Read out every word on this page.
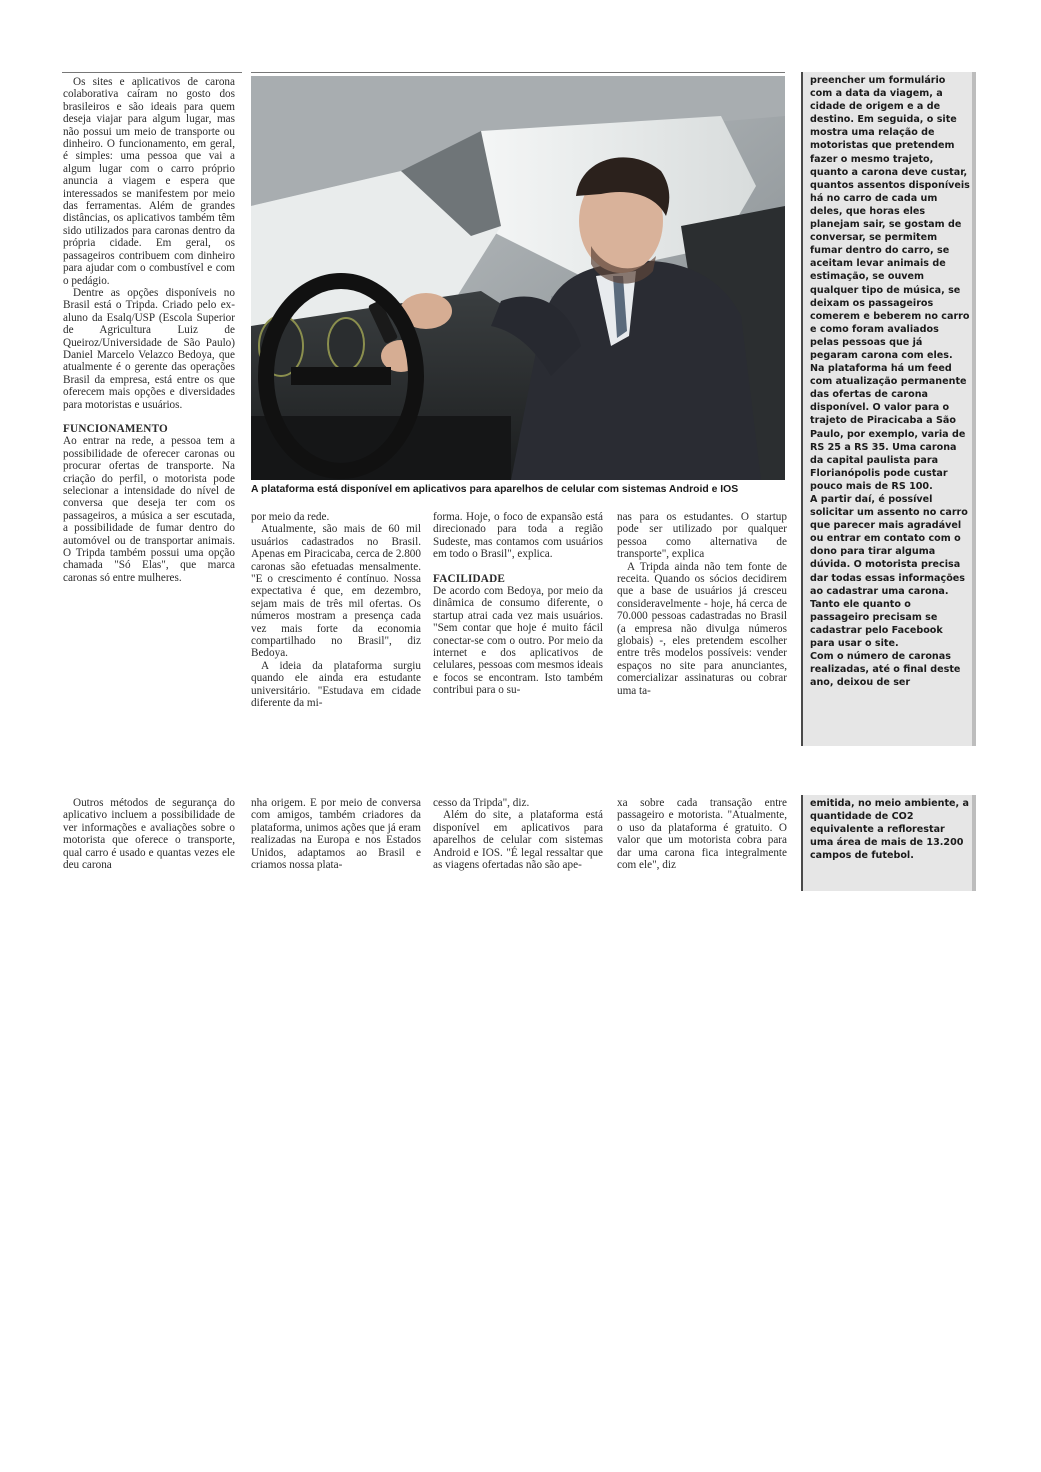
Os sites e aplicativos de carona colaborativa caíram no gosto dos brasileiros e são ideais para quem deseja viajar para algum lugar, mas não possui um meio de transporte ou dinheiro. O funcionamento, em geral, é simples: uma pessoa que vai a algum lugar com o carro próprio anuncia a viagem e espera que interessados se manifestem por meio das ferramentas. Além de grandes distâncias, os aplicativos também têm sido utilizados para caronas dentro da própria cidade. Em geral, os passageiros contribuem com dinheiro para ajudar com o combustível e com o pedágio.

Dentre as opções disponíveis no Brasil está o Tripda. Criado pelo ex-aluno da Esalq/USP (Escola Superior de Agricultura Luiz de Queiroz/Universidade de São Paulo) Daniel Marcelo Velazco Bedoya, que atualmente é o gerente das operações Brasil da empresa, está entre os que oferecem mais opções e diversidades para motoristas e usuários.

FUNCIONAMENTO

Ao entrar na rede, a pessoa tem a possibilidade de oferecer caronas ou procurar ofertas de transporte. Na criação do perfil, o motorista pode selecionar a intensidade do nível de conversa que deseja ter com os passageiros, a música a ser escutada, a possibilidade de fumar dentro do automóvel ou de transportar animais. O Tripda também possui uma opção chamada "Só Elas", que marca caronas só entre mulheres.

A plataforma está disponível em aplicativos para aparelhos de celular com sistemas Android e IOS

por meio da rede.

Atualmente, são mais de 60 mil usuários cadastrados no Brasil. Apenas em Piracicaba, cerca de 2.800 caronas são efetuadas mensalmente. "E o crescimento é contínuo. Nossa expectativa é que, em dezembro, sejam mais de três mil ofertas. Os números mostram a presença cada vez mais forte da economia compartilhado no Brasil", diz Bedoya.

A ideia da plataforma surgiu quando ele ainda era estudante universitário. "Estudava em cidade diferente da mi-

forma. Hoje, o foco de expansão está direcionado para toda a região Sudeste, mas contamos com usuários em todo o Brasil", explica.

FACILIDADE

De acordo com Bedoya, por meio da dinâmica de consumo diferente, o startup atrai cada vez mais usuários. "Sem contar que hoje é muito fácil conectar-se com o outro. Por meio da internet e dos aplicativos de celulares, pessoas com mesmos ideais e focos se encontram. Isto também contribui para o su-

nas para os estudantes. O startup pode ser utilizado por qualquer pessoa como alternativa de transporte", explica

A Tripda ainda não tem fonte de receita. Quando os sócios decidirem que a base de usuários já cresceu consideravelmente - hoje, há cerca de 70.000 pessoas cadastradas no Brasil (a empresa não divulga números globais) -, eles pretendem escolher entre três modelos possíveis: vender espaços no site para anunciantes, comercializar assinaturas ou cobrar uma ta-

preencher um formulário com a data da viagem, a cidade de origem e a de destino. Em seguida, o site mostra uma relação de motoristas que pretendem fazer o mesmo trajeto, quanto a carona deve custar, quantos assentos disponíveis há no carro de cada um deles, que horas eles planejam sair, se gostam de conversar, se permitem fumar dentro do carro, se aceitam levar animais de estimação, se ouvem qualquer tipo de música, se deixam os passageiros comerem e beberem no carro e como foram avaliados pelas pessoas que já pegaram carona com eles.

Na plataforma há um feed com atualização permanente das ofertas de carona disponível. O valor para o trajeto de Piracicaba a São Paulo, por exemplo, varia de RS 25 a RS 35. Uma carona da capital paulista para Florianópolis pode custar pouco mais de RS 100.

A partir daí, é possível solicitar um assento no carro que parecer mais agradável ou entrar em contato com o dono para tirar alguma dúvida. O motorista precisa dar todas essas informações ao cadastrar uma carona. Tanto ele quanto o passageiro precisam se cadastrar pelo Facebook para usar o site.

Com o número de caronas realizadas, até o final deste ano, deixou de ser

Outros métodos de segurança do aplicativo incluem a possibilidade de ver informações e avaliações sobre o motorista que oferece o transporte, qual carro é usado e quantas vezes ele deu carona

nha origem. E por meio de conversa com amigos, também criadores da plataforma, unimos ações que já eram realizadas na Europa e nos Estados Unidos, adaptamos ao Brasil e criamos nossa plata-

cesso da Tripda", diz.

Além do site, a plataforma está disponível em aplicativos para aparelhos de celular com sistemas Android e IOS. "É legal ressaltar que as viagens ofertadas não são ape-

xa sobre cada transação entre passageiro e motorista. "Atualmente, o uso da plataforma é gratuito. O valor que um motorista cobra para dar uma carona fica integralmente com ele", diz

emitida, no meio ambiente, a quantidade de CO2 equivalente a reflorestar uma área de mais de 13.200 campos de futebol.
